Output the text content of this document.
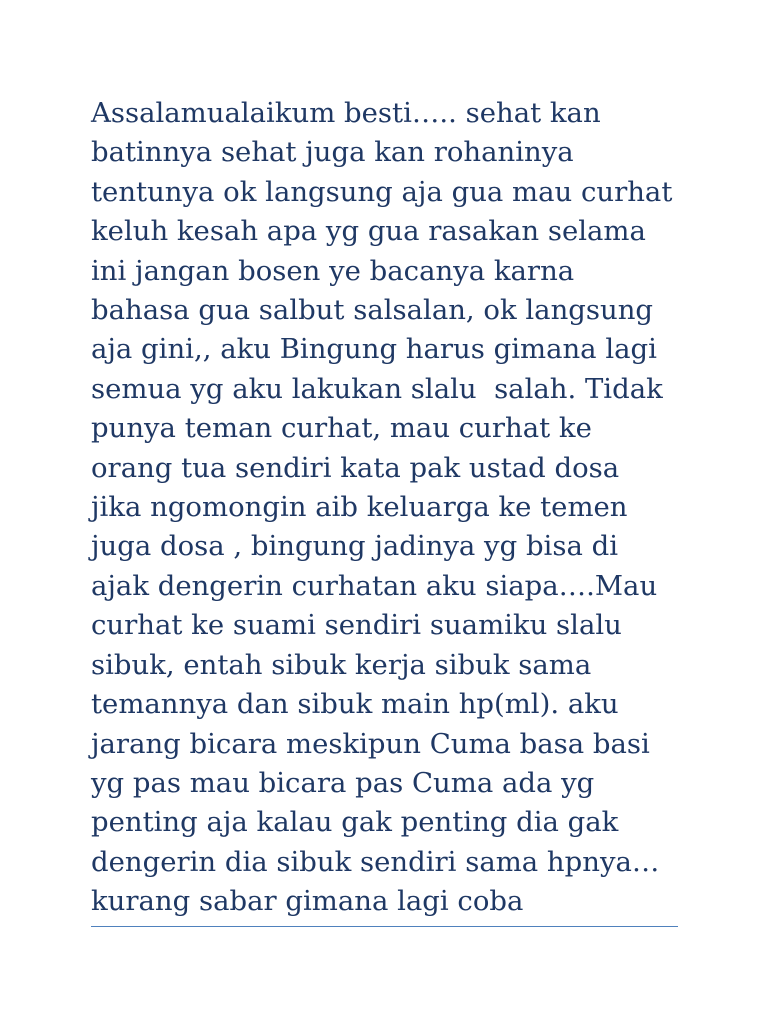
Assalamualaikum besti….. sehat kan
batinnya sehat juga kan rohaninya
tentunya ok langsung aja gua mau curhat
keluh kesah apa yg gua rasakan selama
ini jangan bosen ye bacanya karna
bahasa gua salbut salsalan, ok langsung
aja gini,, aku Bingung harus gimana lagi
semua yg aku lakukan slalu  salah. Tidak
punya teman curhat, mau curhat ke
orang tua sendiri kata pak ustad dosa
jika ngomongin aib keluarga ke temen
juga dosa , bingung jadinya yg bisa di
ajak dengerin curhatan aku siapa….Mau
curhat ke suami sendiri suamiku slalu
sibuk, entah sibuk kerja sibuk sama
temannya dan sibuk main hp(ml). aku
jarang bicara meskipun Cuma basa basi
yg pas mau bicara pas Cuma ada yg
penting aja kalau gak penting dia gak
dengerin dia sibuk sendiri sama hpnya…
kurang sabar gimana lagi coba
